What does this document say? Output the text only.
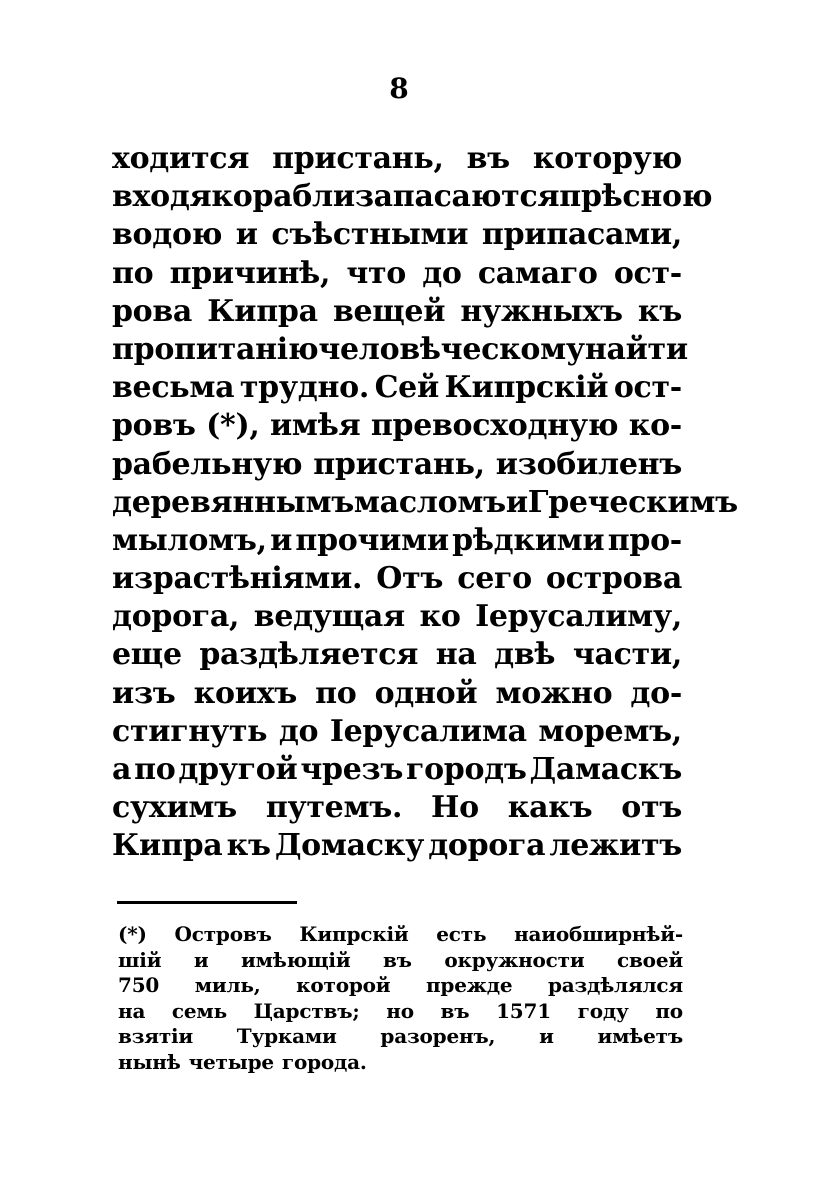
8
ходится пристань, въ которую
входя корабли запасаются прѣсною
водою и съѣстными припасами,
по причинѣ, что до самаго ост-
рова Кипра вещей нужныхъ къ
пропитанію человѣческому найти
весьма трудно. Сей Кипрскій ост-
ровъ (*), имѣя превосходную ко-
рабельную пристань, изобиленъ
деревяннымъ масломъ и Греческимъ
мыломъ, и прочими рѣдкими про-
израстѣніями. Отъ сего острова
дорога, ведущая ко Іерусалиму,
еще раздѣляется на двѣ части,
изъ коихъ по одной можно до-
стигнуть до Іерусалима моремъ,
а по другой чрезъ городъ Дамаскъ
сухимъ путемъ. Но какъ отъ
Кипра къ Домаску дорога лежитъ
(*) Островъ Кипрскій есть наиобширнѣй-
шій и имѣющій въ окружности своей
750 миль, которой прежде раздѣлялся
на семь Царствъ; но въ 1571 году по
взятіи Турками разоренъ, и имѣетъ
нынѣ четыре города.
